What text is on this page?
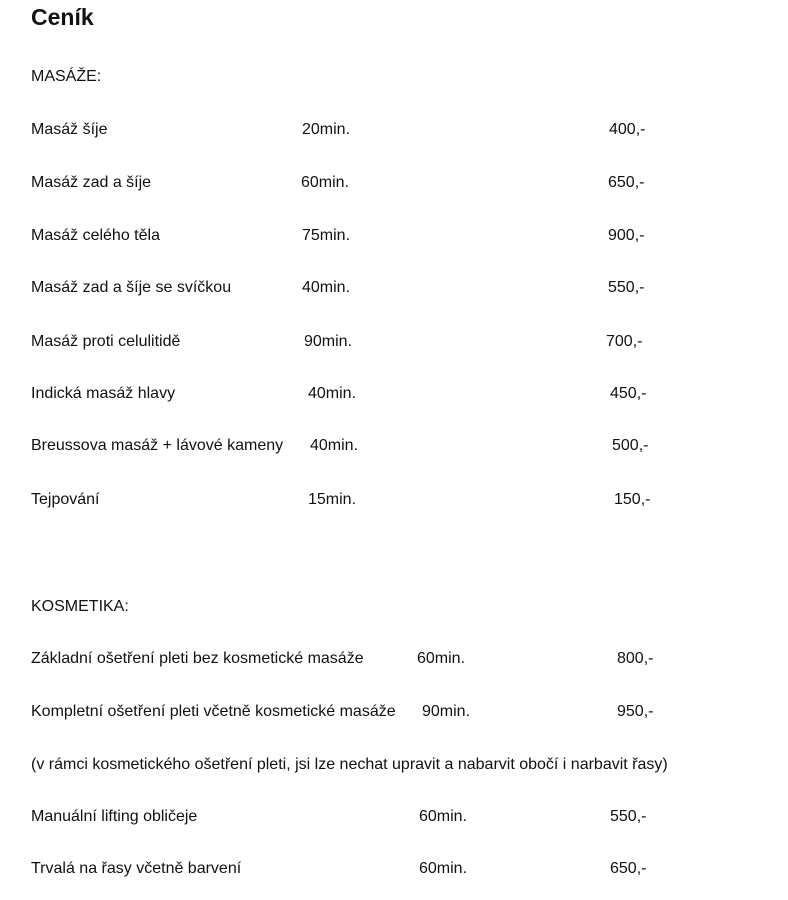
Ceník
MASÁŽE:
Masáž šíje	20min.	400,-
Masáž zad a šíje	60min.	650,-
Masáž celého těla	75min.	900,-
Masáž zad a šíje se svíčkou	40min.	550,-
Masáž proti celulitidě	90min.	700,-
Indická masáž hlavy	40min.	450,-
Breussova masáž + lávové kameny 40min.	500,-
Tejpování	15min.	150,-
KOSMETIKA:
Základní ošetření pleti bez kosmetické masáže	60min.	800,-
Kompletní ošetření pleti včetně kosmetické masáže 90min.	950,-
(v rámci kosmetického ošetření pleti, jsi lze nechat upravit a nabarvit obočí i narbavit řasy)
Manuální lifting obličeje	60min.	550,-
Trvalá na řasy včetně barvení	60min.	650,-
